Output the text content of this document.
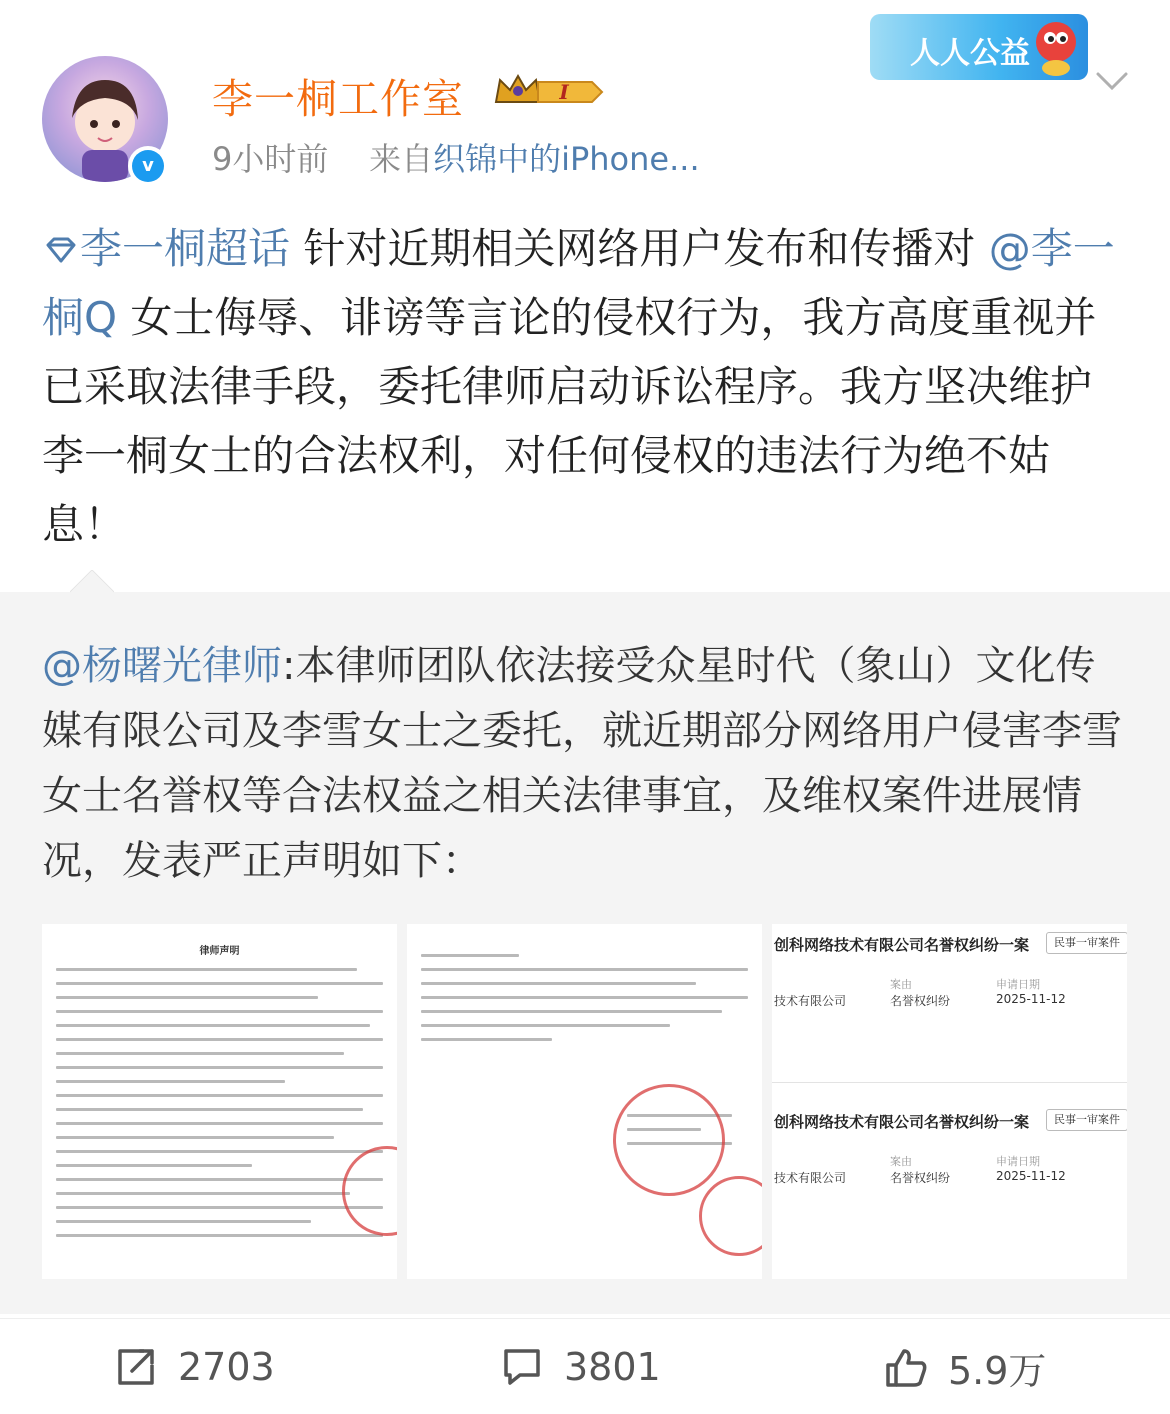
v
李一桐工作室	I
9小时前 来自织锦中的iPhone...
人人公益
李一桐超话 针对近期相关网络用户发布和传播对 @李一桐Q 女士侮辱、诽谤等言论的侵权行为，我方高度重视并已采取法律手段，委托律师启动诉讼程序。我方坚决维护李一桐女士的合法权利，对任何侵权的违法行为绝不姑息！
@杨曙光律师:本律师团队依法接受众星时代（象山）文化传媒有限公司及李雪女士之委托，就近期部分网络用户侵害李雪女士名誉权等合法权益之相关法律事宜，及维权案件进展情况，发表严正声明如下：
律师声明	创科网络技术有限公司名誉权纠纷一案	民事一审案件
案由	申请日期
技术有限公司	名誉权纠纷	2025-11-12
创科网络技术有限公司名誉权纠纷一案	民事一审案件
案由	申请日期
技术有限公司	名誉权纠纷	2025-11-12
2703	3801	5.9万
